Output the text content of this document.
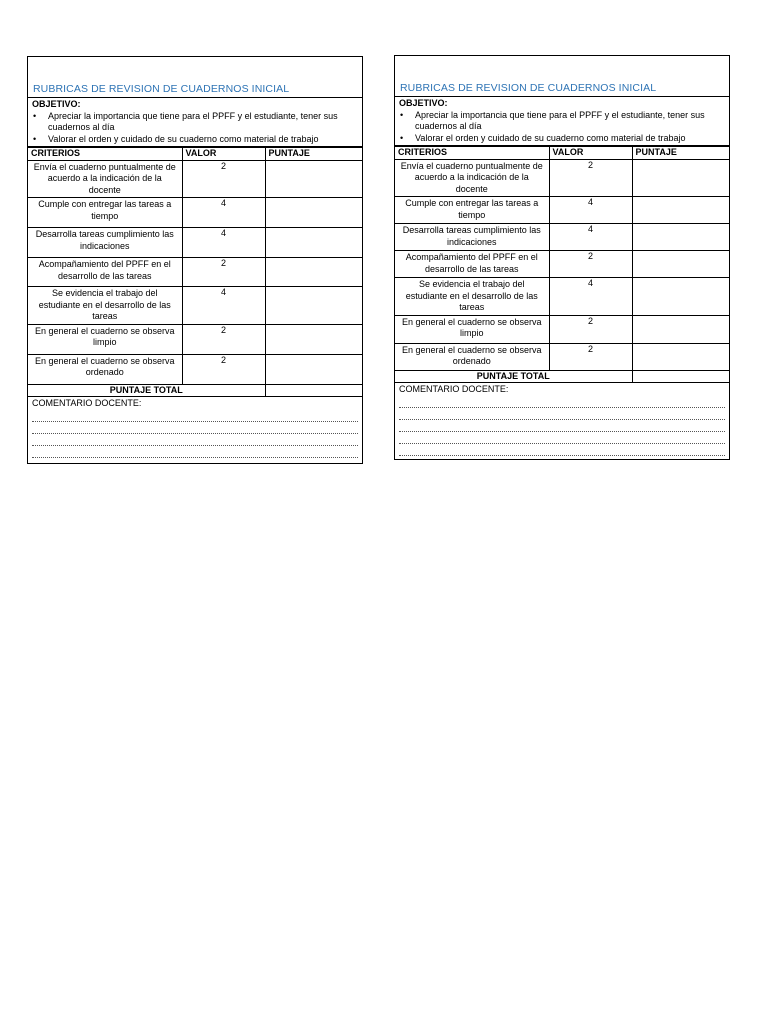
RUBRICAS DE REVISION DE CUADERNOS INICIAL
OBJETIVO:
• Apreciar la importancia que tiene para el PPFF y el estudiante, tener sus cuadernos al día
• Valorar el orden y cuidado de su cuaderno como material de trabajo
CRITERIOS	VALOR	PUNTAJE
Envía el cuaderno puntualmente de acuerdo a la indicación de la docente	2	
Cumple con entregar las tareas a tiempo	4	
Desarrolla tareas cumplimiento las indicaciones	4	
Acompañamiento del PPFF en el desarrollo de las tareas	2	
Se evidencia el trabajo del estudiante en el desarrollo de las tareas	4	
En general el cuaderno se observa limpio	2	
En general el cuaderno se observa ordenado	2	
PUNTAJE TOTAL		
COMENTARIO DOCENTE:
RUBRICAS DE REVISION DE CUADERNOS INICIAL
OBJETIVO:
• Apreciar la importancia que tiene para el PPFF y el estudiante, tener sus cuadernos al día
• Valorar el orden y cuidado de su cuaderno como material de trabajo
CRITERIOS	VALOR	PUNTAJE
Envía el cuaderno puntualmente de acuerdo a la indicación de la docente	2	
Cumple con entregar las tareas a tiempo	4	
Desarrolla tareas cumplimiento las indicaciones	4	
Acompañamiento del PPFF en el desarrollo de las tareas	2	
Se evidencia el trabajo del estudiante en el desarrollo de las tareas	4	
En general el cuaderno se observa limpio	2	
En general el cuaderno se observa ordenado	2	
PUNTAJE TOTAL		
COMENTARIO DOCENTE:
